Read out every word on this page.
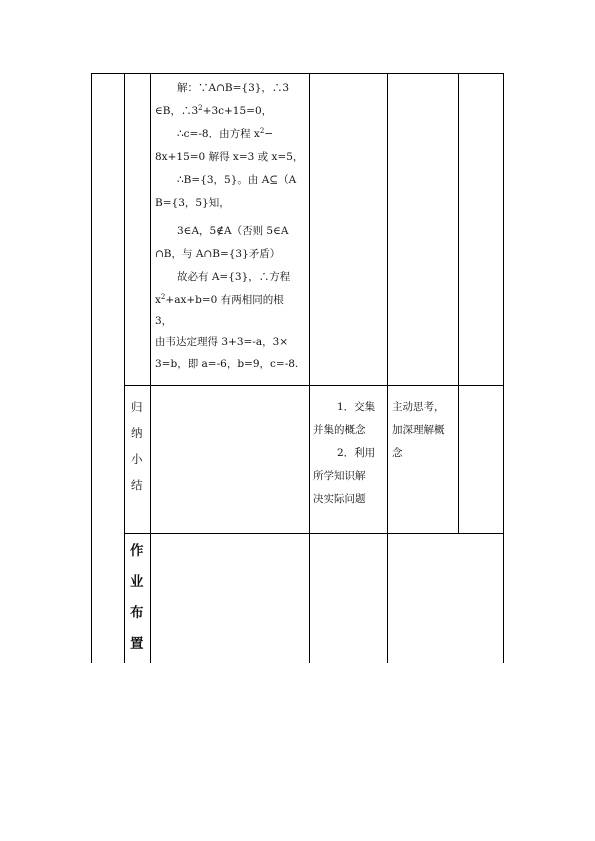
解：∵A∩B={3}，∴3
∈B，$\therefore 3^2+3c+15=0$，
∴c=-8．由方程 $x^2-$
8x+15=0 解得 x=3 或 x=5，
∴B={3，5}。由 A⊆（A
B={3，5}知，
3∈A，5∉A（否则 5∈A
∩B，与 A∩B={3}矛盾）
故必有 A={3}，∴方程
$x^2+ax+b=0$ 有两相同的根
3，
由韦达定理得 3+3=-a，3×
3=b，即 a=-6，b=9，c=-8.
归
纳
小
结
1．交集
并集的概念
2．利用
所学知识解
决实际问题
主动思考，
加深理解概
念
作
业
布
置
